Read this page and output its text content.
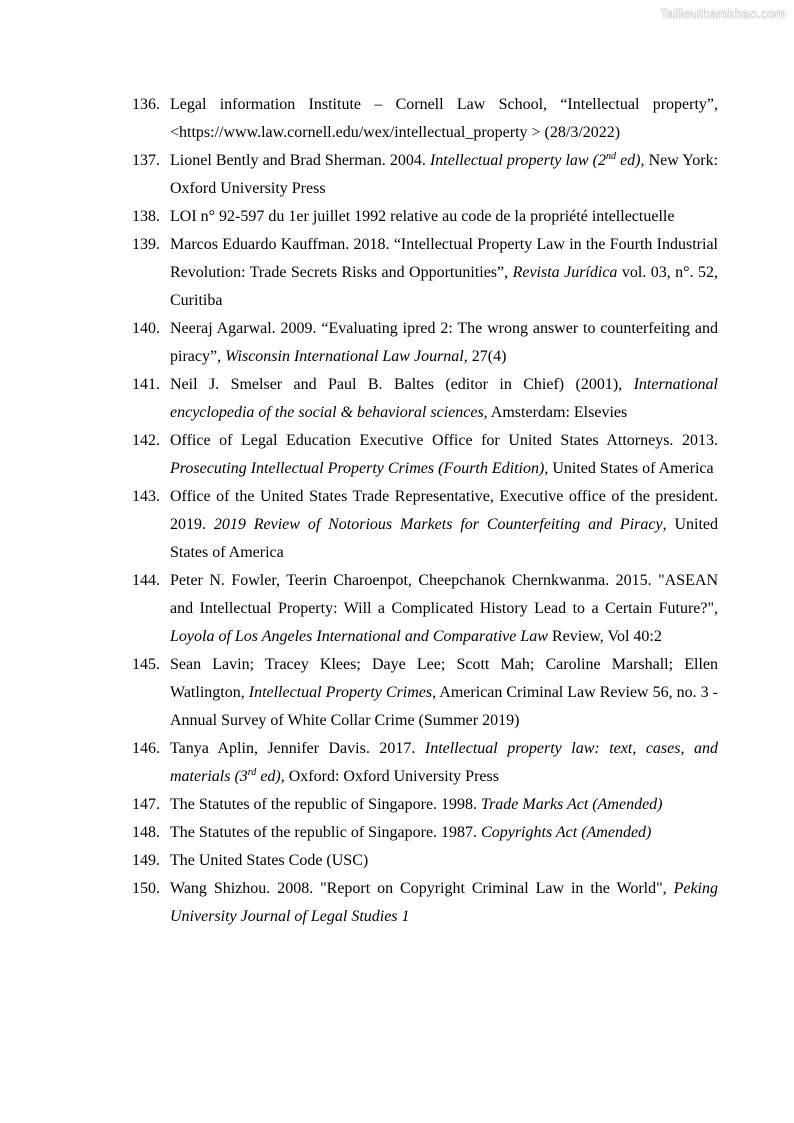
Tailieuthamkhao.com
136. Legal information Institute – Cornell Law School, “Intellectual property”, <https://www.law.cornell.edu/wex/intellectual_property > (28/3/2022)
137. Lionel Bently and Brad Sherman. 2004. Intellectual property law (2nd ed), New York: Oxford University Press
138. LOI n° 92-597 du 1er juillet 1992 relative au code de la propriété intellectuelle
139. Marcos Eduardo Kauffman. 2018. “Intellectual Property Law in the Fourth Industrial Revolution: Trade Secrets Risks and Opportunities”, Revista Jurídica vol. 03, n°. 52, Curitiba
140. Neeraj Agarwal. 2009. “Evaluating ipred 2: The wrong answer to counterfeiting and piracy”, Wisconsin International Law Journal, 27(4)
141. Neil J. Smelser and Paul B. Baltes (editor in Chief) (2001), International encyclopedia of the social & behavioral sciences, Amsterdam: Elsevies
142. Office of Legal Education Executive Office for United States Attorneys. 2013. Prosecuting Intellectual Property Crimes (Fourth Edition), United States of America
143. Office of the United States Trade Representative, Executive office of the president. 2019. 2019 Review of Notorious Markets for Counterfeiting and Piracy, United States of America
144. Peter N. Fowler, Teerin Charoenpot, Cheepchanok Chernkwanma. 2015. "ASEAN and Intellectual Property: Will a Complicated History Lead to a Certain Future?", Loyola of Los Angeles International and Comparative Law Review, Vol 40:2
145. Sean Lavin; Tracey Klees; Daye Lee; Scott Mah; Caroline Marshall; Ellen Watlington, Intellectual Property Crimes, American Criminal Law Review 56, no. 3 - Annual Survey of White Collar Crime (Summer 2019)
146. Tanya Aplin, Jennifer Davis. 2017. Intellectual property law: text, cases, and materials (3rd ed), Oxford: Oxford University Press
147. The Statutes of the republic of Singapore. 1998. Trade Marks Act (Amended)
148. The Statutes of the republic of Singapore. 1987. Copyrights Act (Amended)
149. The United States Code (USC)
150. Wang Shizhou. 2008. "Report on Copyright Criminal Law in the World", Peking University Journal of Legal Studies 1
